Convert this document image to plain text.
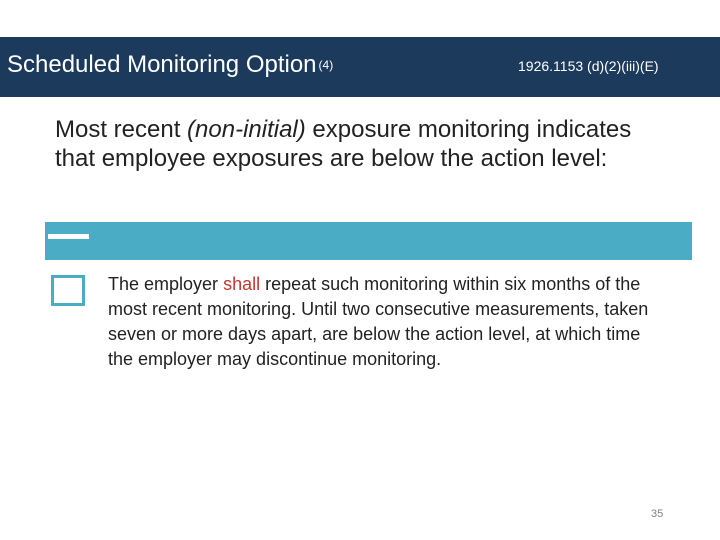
Scheduled Monitoring Option $^{(4)}$	1926.1153 (d)(2)(iii)(E)
Most recent (non-initial) exposure monitoring indicates that employee exposures are below the action level:
The employer shall repeat such monitoring within six months of the most recent monitoring. Until two consecutive measurements, taken seven or more days apart, are below the action level, at which time the employer may discontinue monitoring.
35
